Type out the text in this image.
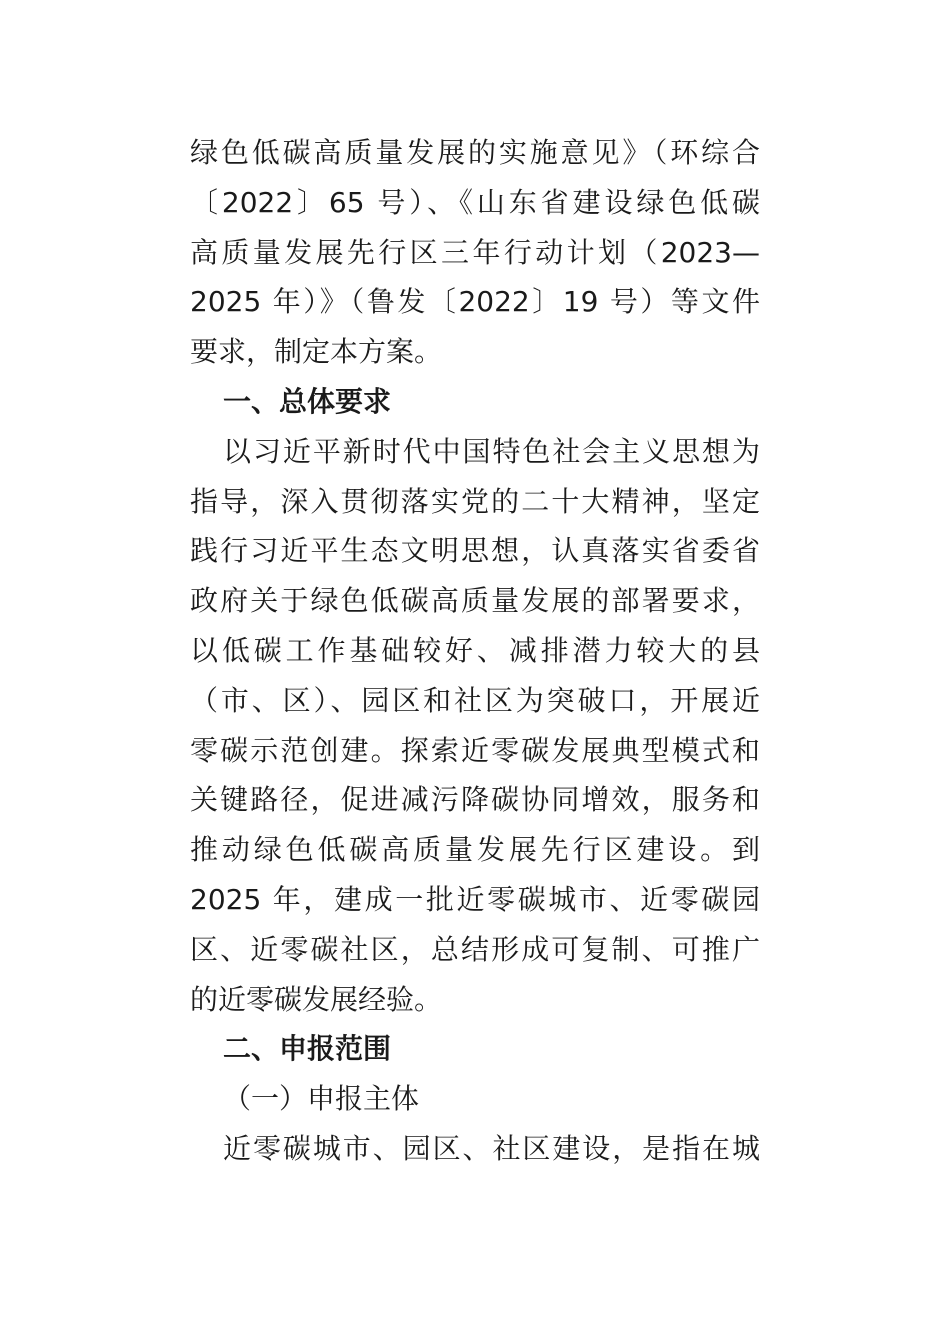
绿色低碳高质量发展的实施意见》（环综合
〔2022〕65 号）、《山东省建设绿色低碳
高质量发展先行区三年行动计划（2023—
2025 年）》（鲁发〔2022〕19 号）等文件
要求，制定本方案。
一、总体要求
以习近平新时代中国特色社会主义思想为
指导，深入贯彻落实党的二十大精神，坚定
践行习近平生态文明思想，认真落实省委省
政府关于绿色低碳高质量发展的部署要求，
以低碳工作基础较好、减排潜力较大的县
（市、区）、园区和社区为突破口，开展近
零碳示范创建。探索近零碳发展典型模式和
关键路径，促进减污降碳协同增效，服务和
推动绿色低碳高质量发展先行区建设。到
2025 年，建成一批近零碳城市、近零碳园
区、近零碳社区，总结形成可复制、可推广
的近零碳发展经验。
二、申报范围
（一）申报主体
近零碳城市、园区、社区建设，是指在城
